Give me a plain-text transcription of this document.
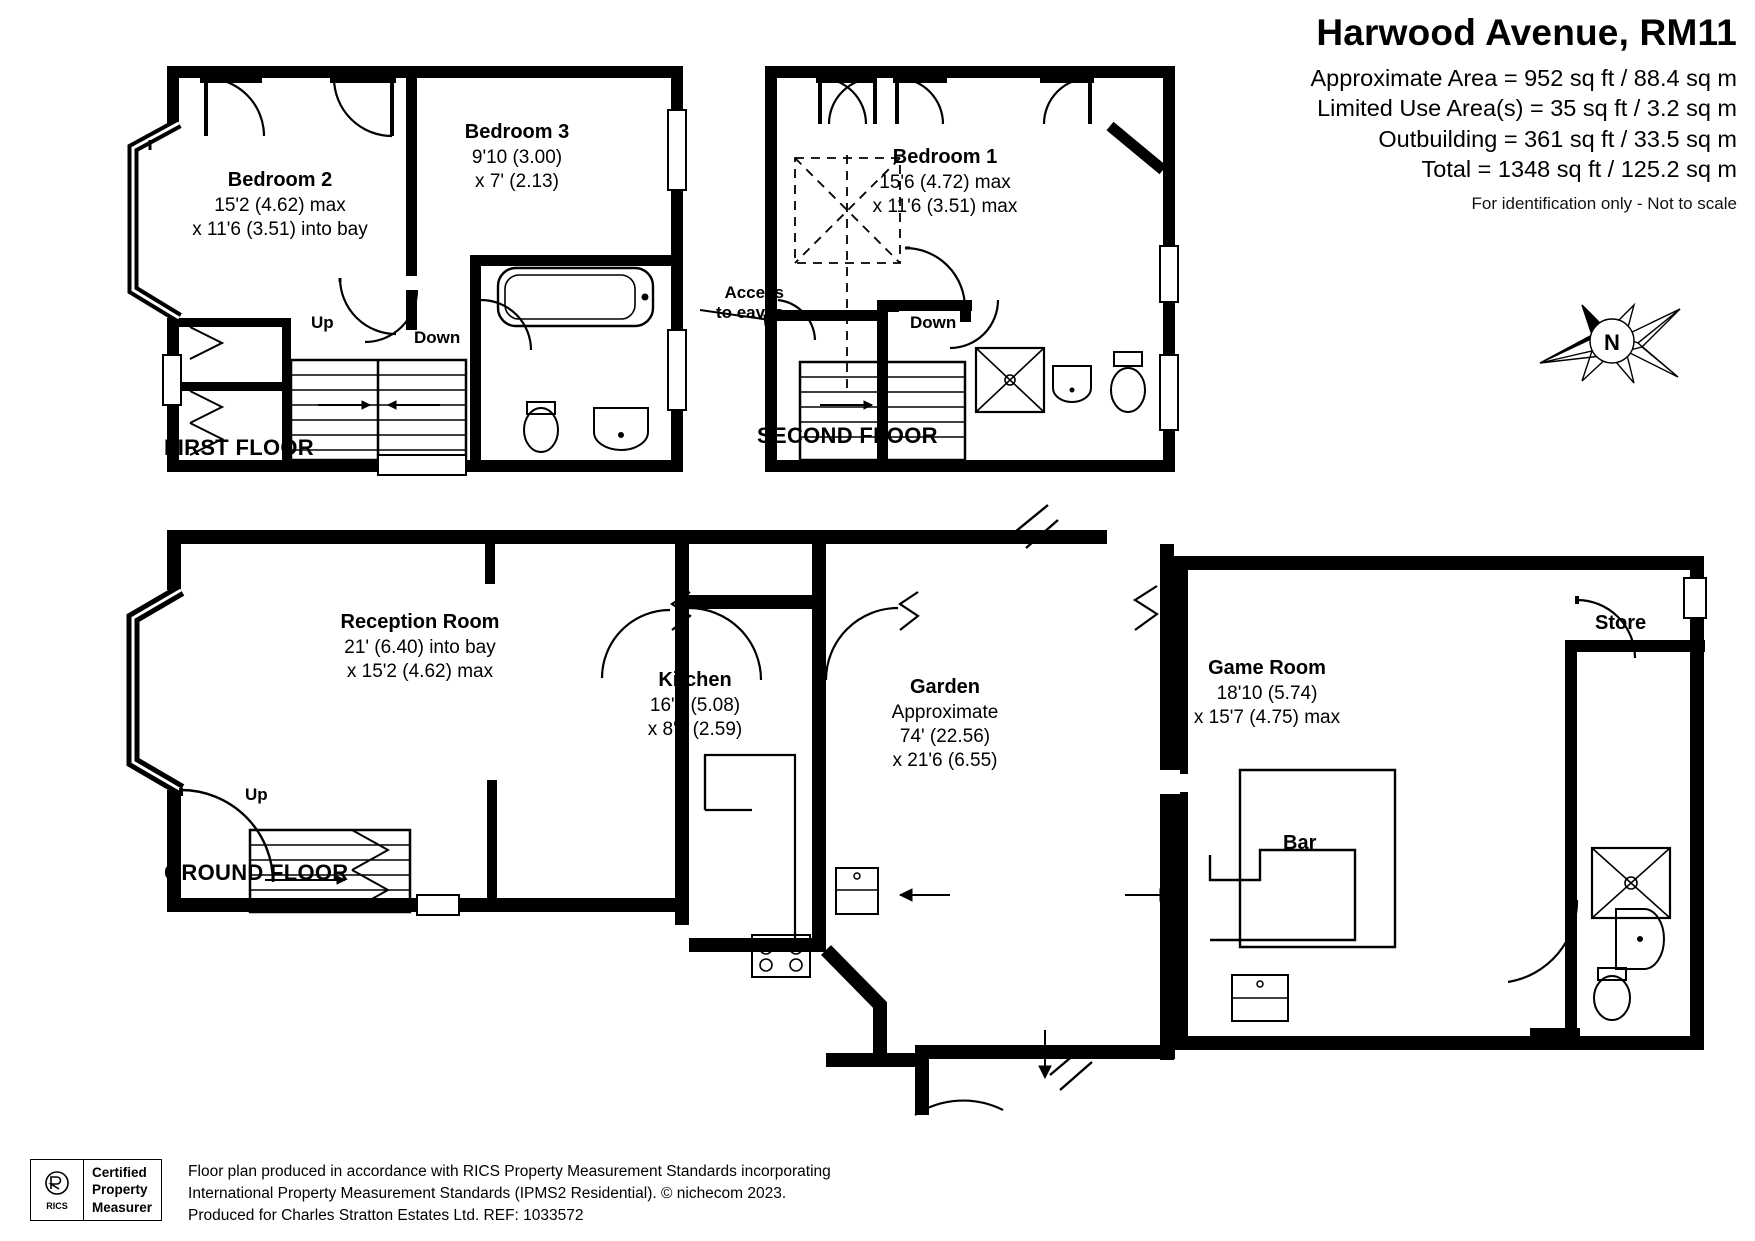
Harwood Avenue, RM11
Approximate Area = 952 sq ft / 88.4 sq m
Limited Use Area(s) = 35 sq ft / 3.2 sq m
Outbuilding = 361 sq ft / 33.5 sq m
Total = 1348 sq ft / 125.2 sq m
For identification only - Not to scale
N
Bedroom 2
15'2 (4.62) max
x 11'6 (3.51) into bay
Bedroom 3
9'10 (3.00)
x 7' (2.13)
Up
Down
FIRST FLOOR
Bedroom 1
15'6 (4.72) max
x 11'6 (3.51) max
Access
to eaves
Down
SECOND FLOOR
Reception Room
21' (6.40) into bay
x 15'2 (4.62) max	Kitchen
16'8 (5.08)
x 8'6 (2.59)
Garden
Approximate
74' (22.56)
x 21'6 (6.55)
Game Room
18'10 (5.74)
x 15'7 (4.75) max
Store
Bar
Up
GROUND FLOOR
RICS
Certified
Property
Measurer
Floor plan produced in accordance with RICS Property Measurement Standards incorporating
International Property Measurement Standards (IPMS2 Residential). © nichecom 2023.
Produced for Charles Stratton Estates Ltd. REF: 1033572
